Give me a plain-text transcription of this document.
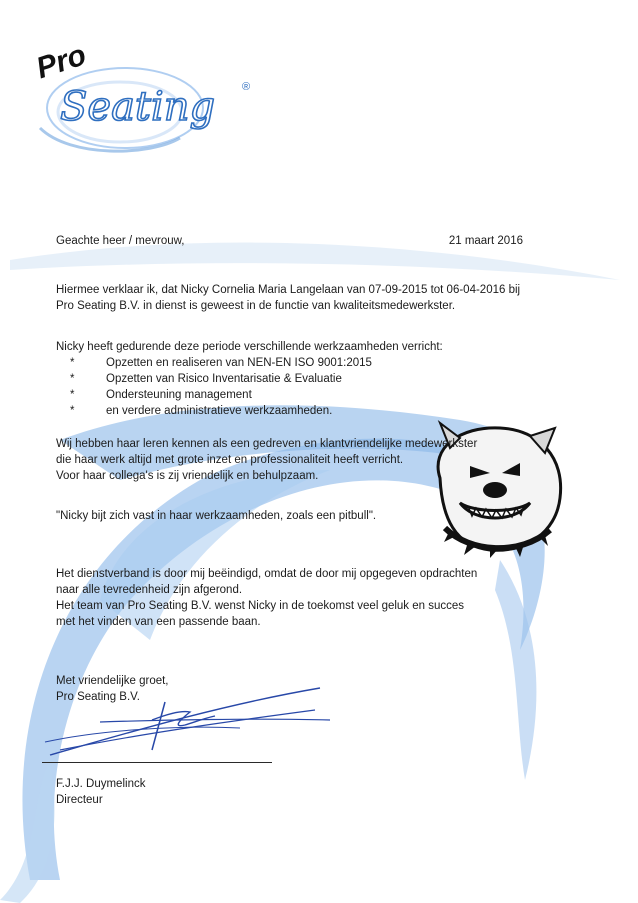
Pro
Seating ®
Geachte heer / mevrouw,	21 maart 2016
Hiermee verklaar ik, dat Nicky Cornelia Maria Langelaan van 07-09-2015 tot 06-04-2016 bij
Pro Seating B.V. in dienst is geweest in de functie van kwaliteitsmedewerkster.
Nicky heeft gedurende deze periode verschillende werkzaamheden verricht:
*	Opzetten en realiseren van NEN-EN ISO 9001:2015
*	Opzetten van Risico Inventarisatie & Evaluatie
*	Ondersteuning management
*	en verdere administratieve werkzaamheden.
Wij hebben haar leren kennen als een gedreven en klantvriendelijke medewerkster
die haar werk altijd met grote inzet en professionaliteit heeft verricht.
Voor haar collega's is zij vriendelijk en behulpzaam.
"Nicky bijt zich vast in haar werkzaamheden, zoals een pitbull".
Het dienstverband is door mij beëindigd, omdat de door mij opgegeven opdrachten
naar alle tevredenheid zijn afgerond.
Het team van Pro Seating B.V. wenst Nicky in de toekomst veel geluk en succes
met het vinden van een passende baan.
Met vriendelijke groet,
Pro Seating B.V.
F.J.J. Duymelinck
Directeur
